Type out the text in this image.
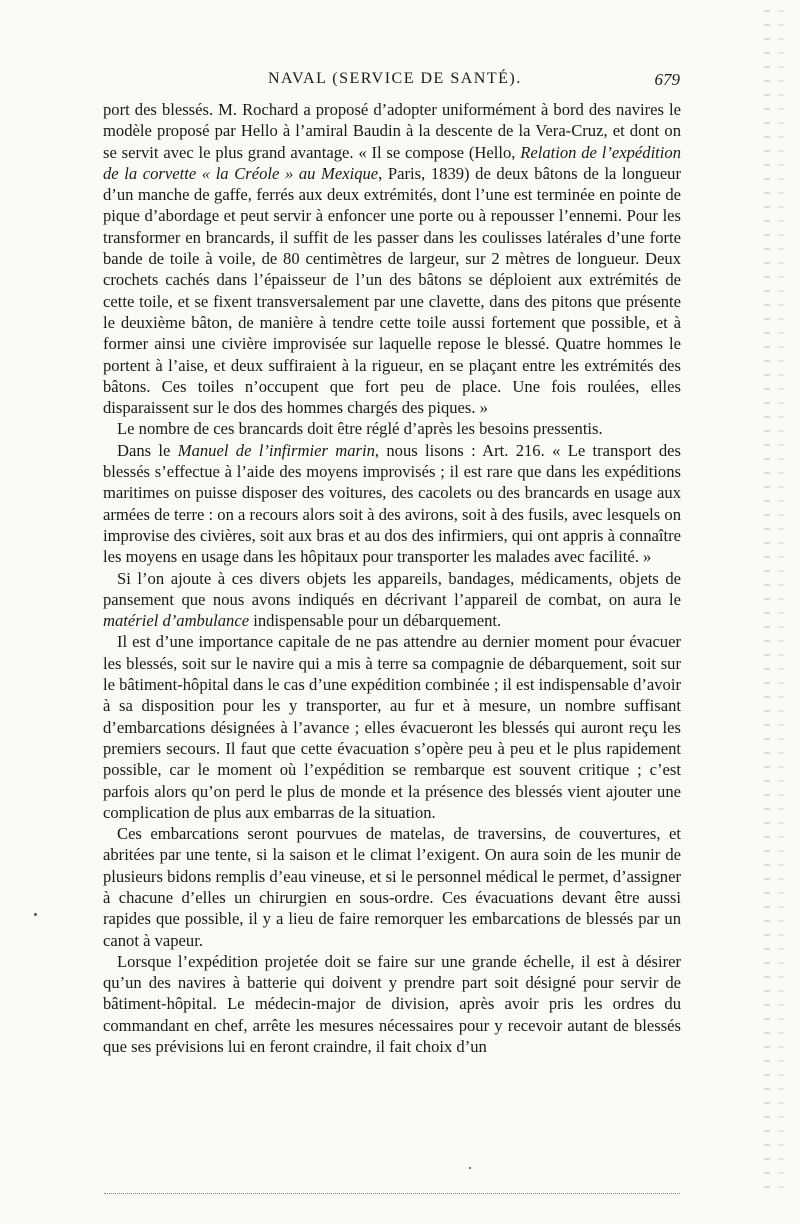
NAVAL (SERVICE DE SANTÉ).	679

port des blessés. M. Rochard a proposé d’adopter uniformément à bord des navires le modèle proposé par Hello à l’amiral Baudin à la descente de la Vera-Cruz, et dont on se servit avec le plus grand avantage. « Il se compose (Hello, Relation de l’expédition de la corvette « la Créole » au Mexique, Paris, 1839) de deux bâtons de la longueur d’un manche de gaffe, ferrés aux deux extrémités, dont l’une est terminée en pointe de pique d’abordage et peut servir à enfoncer une porte ou à repousser l’ennemi. Pour les transformer en brancards, il suffit de les passer dans les coulisses latérales d’une forte bande de toile à voile, de 80 centimètres de largeur, sur 2 mètres de longueur. Deux crochets cachés dans l’épaisseur de l’un des bâtons se déploient aux extrémités de cette toile, et se fixent transversalement par une clavette, dans des pitons que présente le deuxième bâton, de manière à tendre cette toile aussi fortement que possible, et à former ainsi une civière improvisée sur laquelle repose le blessé. Quatre hommes le portent à l’aise, et deux suffiraient à la rigueur, en se plaçant entre les extrémités des bâtons. Ces toiles n’occupent que fort peu de place. Une fois roulées, elles disparaissent sur le dos des hommes chargés des piques. »

Le nombre de ces brancards doit être réglé d’après les besoins pressentis.

Dans le Manuel de l’infirmier marin, nous lisons : Art. 216. « Le transport des blessés s’effectue à l’aide des moyens improvisés ; il est rare que dans les expéditions maritimes on puisse disposer des voitures, des cacolets ou des brancards en usage aux armées de terre : on a recours alors soit à des avirons, soit à des fusils, avec lesquels on improvise des civières, soit aux bras et au dos des infirmiers, qui ont appris à connaître les moyens en usage dans les hôpitaux pour transporter les malades avec facilité. »

Si l’on ajoute à ces divers objets les appareils, bandages, médicaments, objets de pansement que nous avons indiqués en décrivant l’appareil de combat, on aura le matériel d’ambulance indispensable pour un débarquement.

Il est d’une importance capitale de ne pas attendre au dernier moment pour évacuer les blessés, soit sur le navire qui a mis à terre sa compagnie de débarquement, soit sur le bâtiment-hôpital dans le cas d’une expédition combinée ; il est indispensable d’avoir à sa disposition pour les y transporter, au fur et à mesure, un nombre suffisant d’embarcations désignées à l’avance ; elles évacueront les blessés qui auront reçu les premiers secours. Il faut que cette évacuation s’opère peu à peu et le plus rapidement possible, car le moment où l’expédition se rembarque est souvent critique ; c’est parfois alors qu’on perd le plus de monde et la présence des blessés vient ajouter une complication de plus aux embarras de la situation.

Ces embarcations seront pourvues de matelas, de traversins, de couvertures, et abritées par une tente, si la saison et le climat l’exigent. On aura soin de les munir de plusieurs bidons remplis d’eau vineuse, et si le personnel médical le permet, d’assigner à chacune d’elles un chirurgien en sous-ordre. Ces évacuations devant être aussi rapides que possible, il y a lieu de faire remorquer les embarcations de blessés par un canot à vapeur.

Lorsque l’expédition projetée doit se faire sur une grande échelle, il est à désirer qu’un des navires à batterie qui doivent y prendre part soit désigné pour servir de bâtiment-hôpital. Le médecin-major de division, après avoir pris les ordres du commandant en chef, arrête les mesures nécessaires pour y recevoir autant de blessés que ses prévisions lui en feront craindre, il fait choix d’un
